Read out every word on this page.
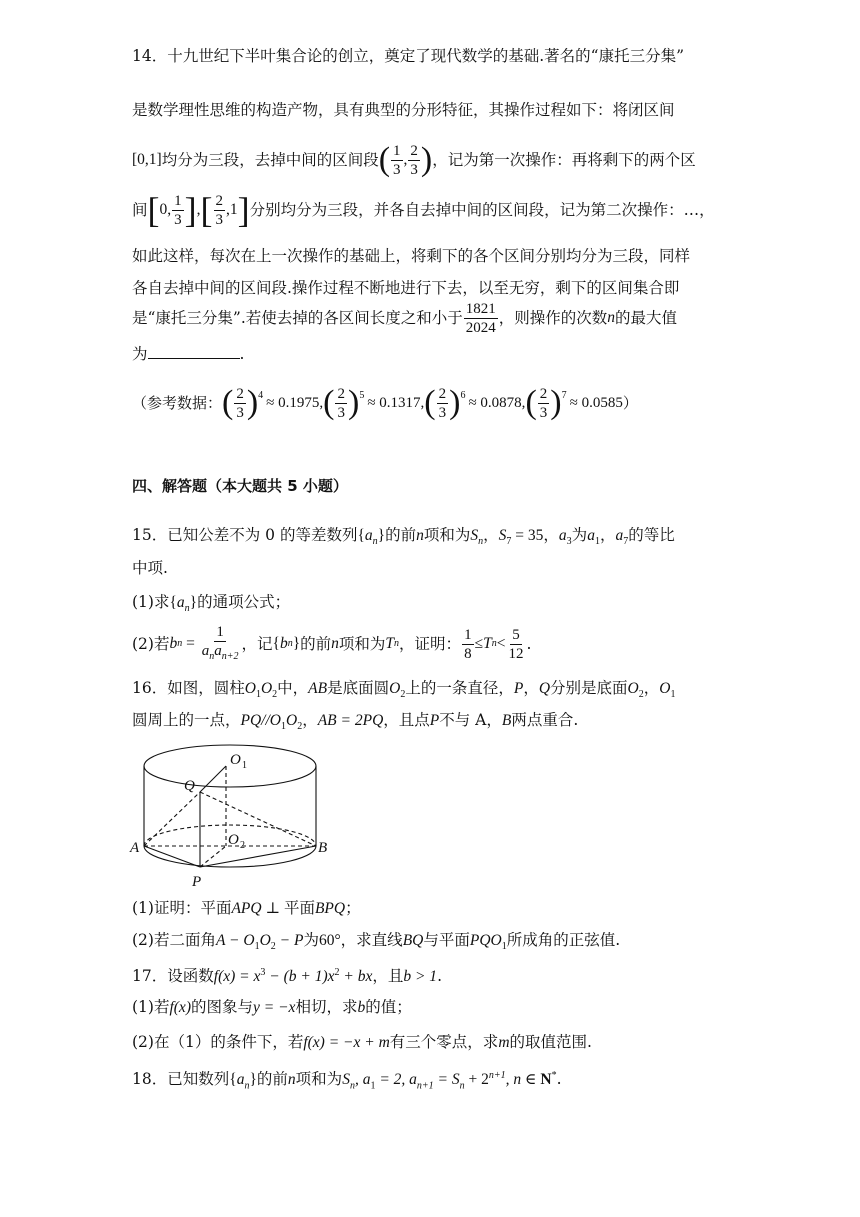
14．十九世纪下半叶集合论的创立，奠定了现代数学的基础.著名的“康托三分集”
是数学理性思维的构造产物，具有典型的分形特征，其操作过程如下：将闭区间
[0,1] 均分为三段，去掉中间的区间段 ( $\frac{1}{3}$ , $\frac{2}{3}$ ) ，记为第一次操作：再将剩下的两个区
间 [ 0, $\frac{1}{3}$ ] , [ $\frac{2}{3} ,1$ ] 分别均分为三段，并各自去掉中间的区间段，记为第二次操作：…，
如此这样，每次在上一次操作的基础上，将剩下的各个区间分别均分为三段，同样
各自去掉中间的区间段.操作过程不断地进行下去，以至无穷，剩下的区间集合即
是“康托三分集”.若使去掉的各区间长度之和小于 $\frac{1821}{2024}$ ，则操作的次数 n 的最大值
为	.
（参考数据： ( $\frac{2}{3} )^4 \approx 0.1975$, ( $\frac{2}{3} )^5 \approx 0.1317$, ( $\frac{2}{3} )^6 \approx 0.0878$, ( $\frac{2}{3} )^7 \approx 0.0585$ ）
四、解答题（本大题共 5 小题）
15．已知公差不为 0 的等差数列$\{a_n\}$的前n项和为$S_n$，$S_7 = 35$，$a_3$为$a_1$，$a_7$的等比
中项.
(1)求$\{a_n\}$的通项公式；
(2)若 b $n = \frac{1}{a_na_{n+2}}$ ，记 { b n } 的前 n 项和为 T n ，证明： $\frac{1}{8} \le T$ $n < \frac{5}{12}$ .
16．如图，圆柱$O_1O_2$中，AB是底面圆$O_2$上的一条直径，P，Q分别是底面$O_2$，$O_1$
圆周上的一点，$PQ//O_1O_2$，AB = 2PQ，且点P不与 A，B两点重合.
Q
O 1
O 2
A	B
P
(1)证明：平面APQ ⊥ 平面BPQ；
(2)若二面角$A - O_1O_2 - P$为60°，求直线BQ与平面$PQO_1$所成角的正弦值.
17．设函数$f(x) = x^3 - (b + 1)x^2$ + bx，且b > 1.
(1)若f(x)的图象与y = −x相切，求b的值；
(2)在（1）的条件下，若f(x) = −x + m有三个零点，求m的取值范围.
18．已知数列$\{a_n\}$的前n项和为$S_n$, $a_1 = 2$, $a_{n+1} = S_n + 2^{n+1}$, n ∈ N*.
